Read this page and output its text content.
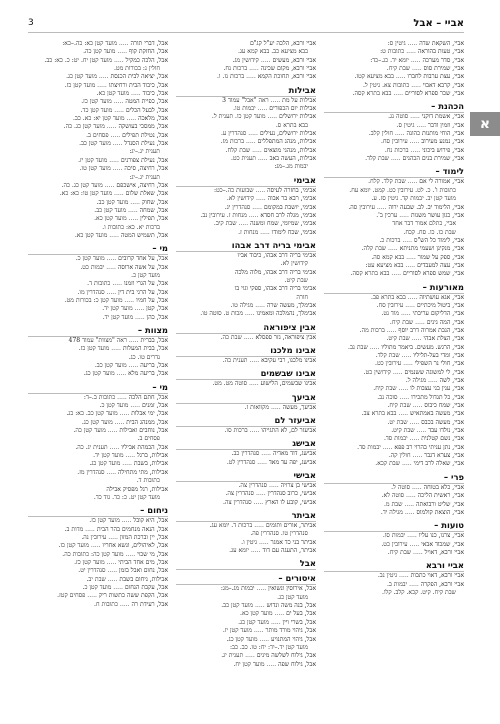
3	אביי – אבל
א
אביי, השקאת שדה ..... גיטין ס:
אביי, טעות בהוראה ..... כתובות ט:
אביי, סדר מערכה ..... יומא יד. כג.–כד:
אביי, שמירת סוס ..... שבת קיח.
אביי, עצת ערבות לחברו ..... בבא מציעא קטז.
אביי, קרבא דאבוי ..... כתובות צא. גיטין ל.
אביי, שכר ספרא לסוריים ..... בבא בתרא קסה.
הכהנת –
אביי, אשמת דוקני ..... סוטה נג.
אביי, וזמין ודבר ..... גיטין ס.
אביי, הוחי מותנות כהונה ..... חולין קלב.
אביי, נמנע מעירוב ..... עירובין סח.
אביי, פירוש ביכוני ..... ברכות נח.
אביי, שמירת בנים הכהנים ..... שבת קלד.
לימוד –
אביי, אמורה לי אם ..... שבת קלד. קלח.
כתובות ו'. כ. לט. עירובין כט. קמט. יומא עח.
מועד קטן יב. יבמות קד. גיטין סז. ע.
אביי, הלימוד יב. לב. שבעה ירוה ..... עירובין סה.
אביי, כגון עושר משנות ..... ערכין ב'.
אביי, כתלם אמור דבר אחד
שבת כז. כו. סח. קכח.
אביי, לימוד כל הש"ס ..... ברכות כ.
אביי, מנקינן ושעמי מתניתא ..... שבת קלה.
אביי, ספק על שמור ..... בבא קמא סה.
אביי, עצה למעבדים ..... בבא מציעא עט:
אביי, שמש ספרא לסוריים ..... בבא בתרא קסה.
מאורעות –
אביי, אגא עושתיוה ..... בבא בתרא פב.
אביי, ביטול מיכתיים ..... עירובין סח.
אביי, הדליקום עריבתי ..... מוד נט.
אביי, המה גינים ..... שבת קיח.
אביי, הנבת אמרוה דרב יוסף ..... ברכות מה.
אביי, הצלת אבהי ..... שבת קיט.
אביי, הרגש. מעשים. ביאמר מתוליו ..... שבת נב.
אביי, ומדי בעל-תליליו ..... שבת קלד.
אביי, חולי נר השפילי ..... עירובין כט.
אביי, לי למשוגה ששנמים ..... קידושין כט.
אביי, לשה ..... מגילה ל.
אביי, ענין בני עצבות לו ..... שבת קיח.
אביי, כל תגדול מתכירו ..... סוכה נב.
אביי, שמח כיבוס ..... שבת קיח.
אביי, מעשה באמתאיש ..... בבא בתרא צב.
אביי, מעשה בכבס ..... שבת יט.
אביי, נולדו עבד ..... שבת קיט.
אביי, נשם קטלנית ..... יבמות סד.
אביי, נתן עניתי בהרוי רב פפא ..... יבמות סד.
אביי, צערא דגבר ..... חולין קה.
אביי, שאלה לרב דימי ..... שבת קכא.
פרי –
אביי, כלא בטוחה ..... סוטה ל.
אביי, ראשית הליכה ..... סוטה לא.
אביי, שליט ורבואתה ..... שבת מ.
אביי, הוצאת קולמוס ..... מגילה יד.
טועות –
אביי, צרנו, כנו עליו ..... יבמות סו.
אביי, שמכוד אבאי ..... עירובין כט.
אביי ורבא, דאויל ..... שבת קיח.
אביי ורבא
אביי ורבא, דאוי כתבות ..... גיטין נב.
אביי ורבא, הפקרה ..... יבמות ב.
שבת קיח. קיט. קכא. קלב. קלו.
אביי ורבא, הלכה יע"ל קג"ם
בבא מציעא כב. בבא קמא עג.
אביי ורבא, מעשים ..... קידושין מג.
אביי ורבא, מקום שכינה ..... ברכות נח.
אביי ורבא, תחוכת הקמא ..... ברכות נז. ו.
אבילות
אבילות על מת ..... ראה "אבל" עמוד 3
אבילות יום הכפורים ..... יבמות טו.
אבילות ירושלים ..... מועד קטן כו. תענית ל.
בבא בתרא ס.
אבילות ירושלים, נעילים ..... סנהדרין ע.
אבילות, מנהג המתפללים ..... ברכות מז.
אבילות, מנהגי מוצאים ..... שבת קלח.
אבילות, העשה באב ..... תענית כט.
יבמות מג.–מג:
אבימי
אבימי, בחזרה לעיסה ..... שבועות כה.–כט:
אבימי, רבא בר אבוה ..... קידושין לא.
אבימי, יושבת במקומם ..... סנהדרין יג.
אבימי, מגלה לרב חסדא ..... מנחות ז. עירובין נב.
אבימי, שמיומי, שמח ומשנה ..... שבת קיב.
אבימי, שכח לימודו ..... מנחות ז.
אבימי בריה דרב אבהו
אבימי בריה דרב אבהו, כיבוד אביו
קידושין לא.
אבימי בריה דרב אבהו, מלוה מלכה
שבת קיט.
אבימי בריה דרב אבהו, ספקי וגוי בו
חורה
אבימלך, מעשה שרה ..... מגילה טו.
אבימלך, נהמלכה ומאמינו ..... מכות ט. סוטה טו.
אבין ציפוראה
אבין ציפוראה, גזר ספסלא ..... שבת כה.
אבינו מלכנו
אבינו מלכנו, רבי עקיבא ..... תענית כה.
אבינו שבשמים
אבינו שבשמים, הלישוע ..... סוטה מט. מט.
אביעך
אביעך, מעשה ..... מקוואות ז.
אביעזר לם
אביעזר לם, לא התגייהו ..... ברכות סו.
אבישג
אבישג, דוד מאדיה ..... סנהדרין כב.
אבישג, יפה עד מאד ..... סנהדרין לט.
אבישי
אבישי בן צרויה ..... סנהדרין צה.
אבישי, כרוב סנהדרין ..... סנהדרין צה.
אבישי, קובע לו הארץ ..... סנהדרין צה.
אביתר
אביתר, אורים ותומים ..... ברכות ד. יומא עג.
סנהדרין טו. סנהדרין פה.
אביתר בני כד אמגר ..... גיטין ו.
אביתר, התעגה עם דוד ..... יומא עג.
אבל
איסורים –
אבל, אירוסין ונשואין ..... יבמות מג.–מג:
מועד קטן כג.
אבל, בנה משה ונדוש ..... מועד קטן כב.
אבל, בעל ים ..... מועד קטן כא.
אבל, בשרי ויין ..... מועד קטן כג.
אבל, גיהוי מורד מותר ..... מועד קטן יז.
אבל, גיהוי המתנויע ..... מועד קטן כג.
מועד קטן יד.–יד: יח: טו. כב. כב:
אבל, גילוח לשלשה מינים ..... תענית יג.
אבל, גילוח שפה ..... מועד קטן יח.
אבל, דברי תורה ..... מועד קטן כא: כה.–כא:
אבל, החזקת קוף ..... מועד קטן כה.
אבל, הלכה כמקיל ..... מועד קטן יח. יט: כ. כא: כב.
חולין נ: בכורות מט.
אבל, יציאה לבית הכנסת ..... מועד קטן כג.
אבל, כיבוד הבית ורחיצתו ..... מועד קטן כז.
אבל, כיבוד ..... מועד קטן כא.
אבל, כפיית המטה ..... מועד קטן כז.
אבל, לבעל הכלים ..... מועד קטן כד.
אבל, מלאכה ..... מועד קטן יא: כא. כב.
אבל, ממסכי בעושקה ..... מועד קטן כג. כה.
אבל, נטילת תפילים ..... פסחים ב.
אבל, נעילת הסנדל ..... מועד קטן כב.
תענית יג.–יג:
אבל, נעילת צפורנים ..... מועד קטן יז.
אבל, רחיצה, סיכה ..... מועד קטן טו.
תענית יג.–יג:
אבל, רחיצה, אישכפם ..... מועד קטן כג. כה.
אבל, שאלת שלום ..... מועד קטן טו: כא: כא.
אבל, שחוק ..... מועד קטן כב.
אבל, שמחה ..... מועד קטן כב.
אבל, תפילין ..... מועד קטן כא.
ברכות יא. כא: כתובות ו.
אבל, תשמיש המטה ..... מועד קטן כא.
מי –
אבל, על אחד קרובים ..... מועד קטן כ.
אבל, על אשה ארוסה ..... יבמות כט.
מועד קטן כ.
אבל, על הגרי וזמנו ..... כתובות ד.
אבל, על הרגי בית דין ..... סנהדרין מו.
אבל, על חמיו ..... מועד קטן כ: בכורות מט.
אבל, קטן ..... מועד קטן יד.
אבל, כהן ..... מועד קטן יד.
מצוות –
אבל, בברית ..... ראה "מצוות" עמוד 478
אבל, בבית המעלות ..... מועד קטן כז.
נדרים טו. כג.
אבל, בריעה ..... מועד קטן כב.
אבל, בריעה מלא ..... מועד קטן כג.
מי –
אבל, חתם הלכה ..... כתובות ב.–ד:
אבל, זמנים ..... מועד קטן כ.
אבל, ימי אבלות ..... מועד קטן כב. כא: כג.
אבל, ממנהג הבית ..... מועד קטן כג.
אבל, נוחבים ואבילות ..... מועד קטן כה.
פסחים ב.
אבל, הכמהת אביליו ..... תענית יג. כה.
אבילות, ברגל ..... מועד קטן יד.
אבילות, בשבת ..... מועד קטן כג.
אבילות, מתי מתחילה ..... סנהדרין מז.
כתובות ד.
אבילות, רגל מפסיק אבילה
מועד קטן יט. כ: כד. גוד כד.
ניחום –
אבל, היא קובל ..... מועד קטן כז.
אבל, הנאה מנחמים בהר הבית ..... מדות ב.
אבל, יין וברכת המזון ..... עירובין נה.
אבל, לאיהולים, ונשא אחריו ..... מועד קטן כז.
אבל, מי שכוי ..... מועד קטן כה: כתובות כה.
אבל, מים אחד הביתי ..... מועד קטן כז.
אבל, נחום ואבל בזמן ..... סנהדרין יט.
אבילות, ניחום בשבת ..... שבת יב.
אבל, עקבת הנחום ..... מועד קטן כ.
אבל, הקפת ששה כתשות ריק ..... פסחים קטז.
אבל, רעידת רה ..... כתובות ח.
